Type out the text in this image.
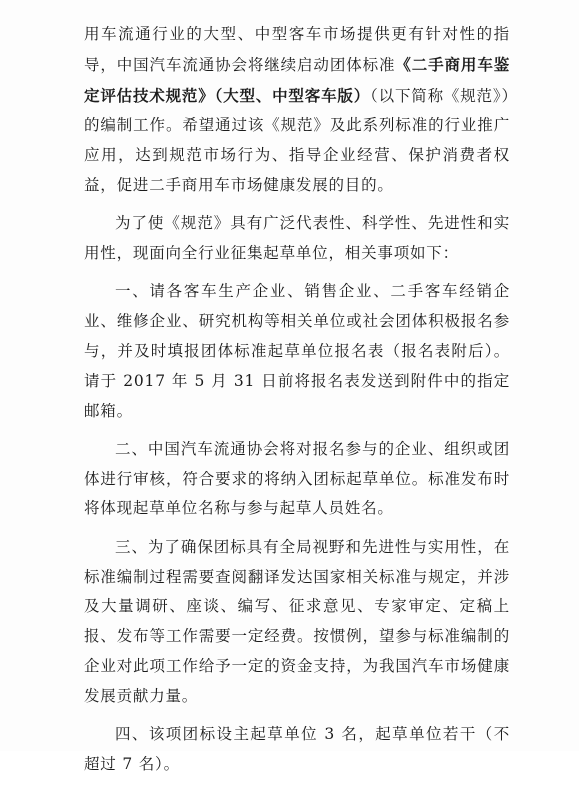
用车流通行业的大型、中型客车市场提供更有针对性的指导，中国汽车流通协会将继续启动团体标准《二手商用车鉴定评估技术规范》（大型、中型客车版）（以下简称《规范》）的编制工作。希望通过该《规范》及此系列标准的行业推广应用，达到规范市场行为、指导企业经营、保护消费者权益，促进二手商用车市场健康发展的目的。

为了使《规范》具有广泛代表性、科学性、先进性和实用性，现面向全行业征集起草单位，相关事项如下：

一、请各客车生产企业、销售企业、二手客车经销企业、维修企业、研究机构等相关单位或社会团体积极报名参与，并及时填报团体标准起草单位报名表（报名表附后）。请于 2017 年 5 月 31 日前将报名表发送到附件中的指定邮箱。

二、中国汽车流通协会将对报名参与的企业、组织或团体进行审核，符合要求的将纳入团标起草单位。标准发布时将体现起草单位名称与参与起草人员姓名。

三、为了确保团标具有全局视野和先进性与实用性，在标准编制过程需要查阅翻译发达国家相关标准与规定，并涉及大量调研、座谈、编写、征求意见、专家审定、定稿上报、发布等工作需要一定经费。按惯例，望参与标准编制的企业对此项工作给予一定的资金支持，为我国汽车市场健康发展贡献力量。

四、该项团标设主起草单位 3 名，起草单位若干（不超过 7 名）。
